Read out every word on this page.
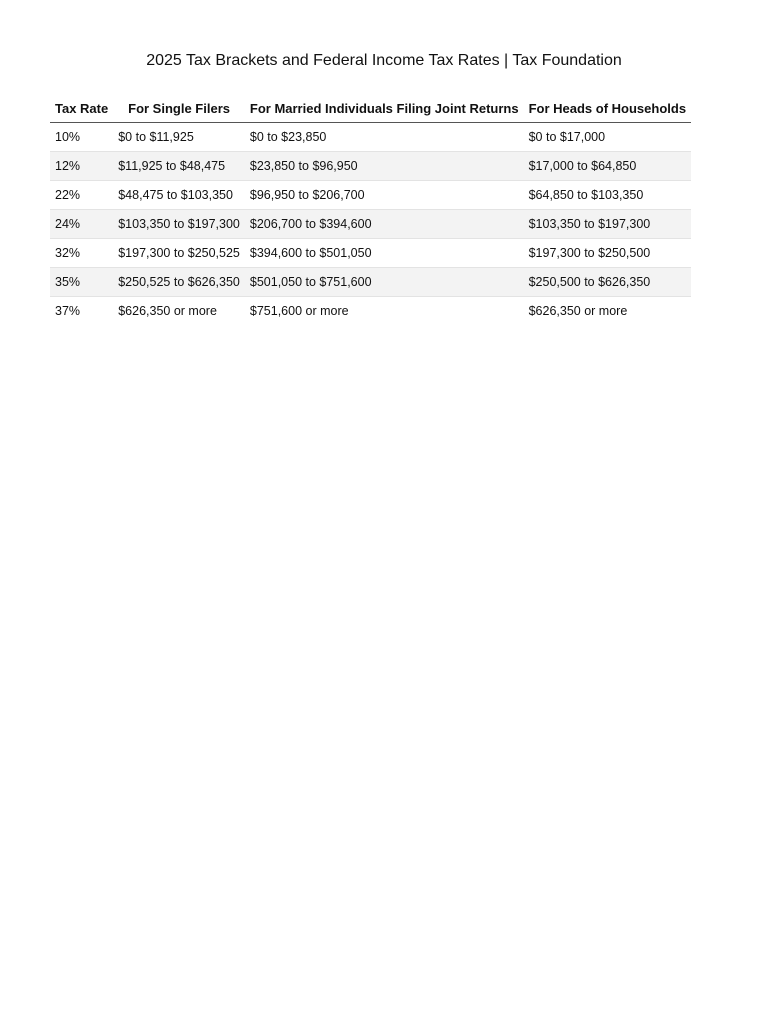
2025 Tax Brackets and Federal Income Tax Rates | Tax Foundation
Tax Rate	For Single Filers	For Married Individuals Filing Joint Returns	For Heads of Households
10%	$0 to $11,925	$0 to $23,850	$0 to $17,000
12%	$11,925 to $48,475	$23,850 to $96,950	$17,000 to $64,850
22%	$48,475 to $103,350	$96,950 to $206,700	$64,850 to $103,350
24%	$103,350 to $197,300	$206,700 to $394,600	$103,350 to $197,300
32%	$197,300 to $250,525	$394,600 to $501,050	$197,300 to $250,500
35%	$250,525 to $626,350	$501,050 to $751,600	$250,500 to $626,350
37%	$626,350 or more	$751,600 or more	$626,350 or more
